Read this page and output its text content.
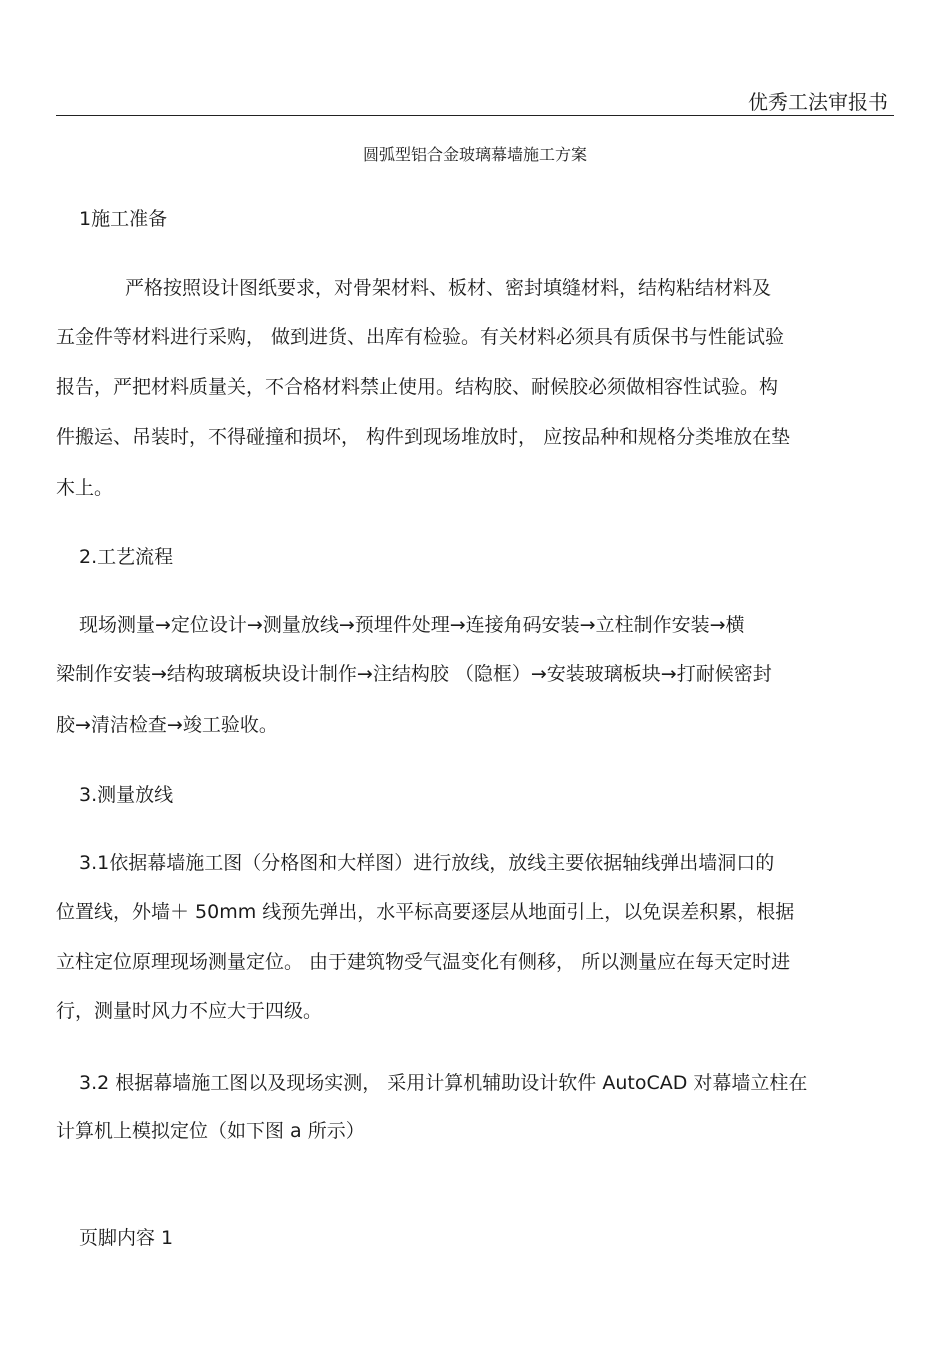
优秀工法审报书
圆弧型铝合金玻璃幕墙施工方案
1施工准备
严格按照设计图纸要求，对骨架材料、板材、密封填缝材料，结构粘结材料及
五金件等材料进行采购， 做到进货、出库有检验。有关材料必须具有质保书与性能试验
报告，严把材料质量关，不合格材料禁止使用。结构胶、耐候胶必须做相容性试验。构
件搬运、吊装时，不得碰撞和损坏， 构件到现场堆放时， 应按品种和规格分类堆放在垫
木上。
2.工艺流程
现场测量→定位设计→测量放线→预埋件处理→连接角码安装→立柱制作安装→横
梁制作安装→结构玻璃板块设计制作→注结构胶 （隐框）→安装玻璃板块→打耐候密封
胶→清洁检查→竣工验收。
3.测量放线
3.1依据幕墙施工图（分格图和大样图）进行放线，放线主要依据轴线弹出墙洞口的
位置线，外墙＋ 50mm 线预先弹出，水平标高要逐层从地面引上，以免误差积累，根据
立柱定位原理现场测量定位。 由于建筑物受气温变化有侧移， 所以测量应在每天定时进
行，测量时风力不应大于四级。
3.2 根据幕墙施工图以及现场实测， 采用计算机辅助设计软件 AutoCAD 对幕墙立柱在
计算机上模拟定位（如下图 a 所示）
页脚内容 1
